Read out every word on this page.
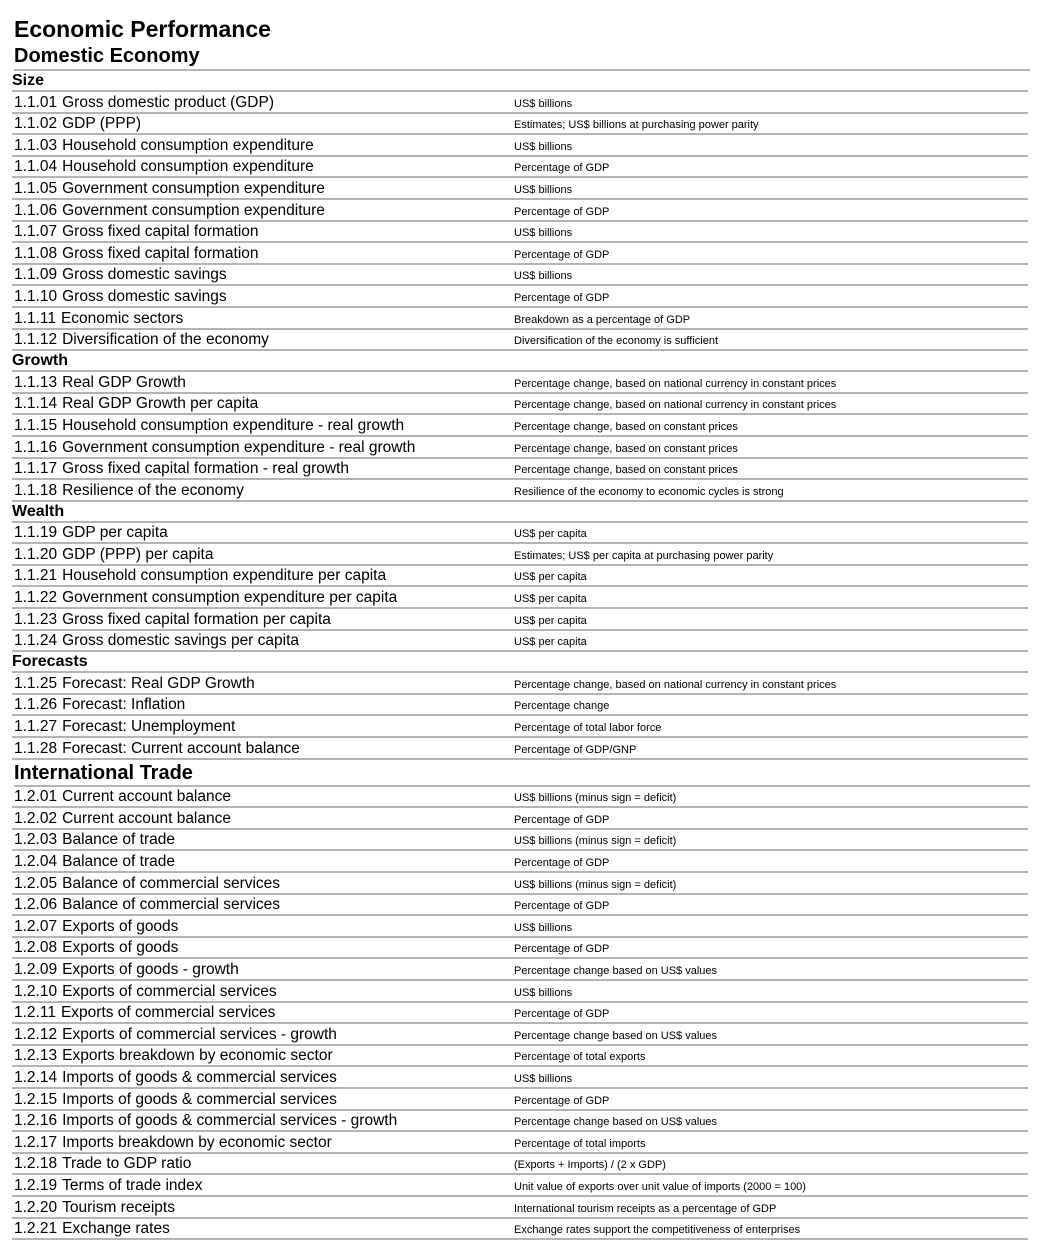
Economic Performance
Domestic Economy
Size
1.1.01 Gross domestic product (GDP)	US$ billions
1.1.02 GDP (PPP)	Estimates; US$ billions at purchasing power parity
1.1.03 Household consumption expenditure	US$ billions
1.1.04 Household consumption expenditure	Percentage of GDP
1.1.05 Government consumption expenditure	US$ billions
1.1.06 Government consumption expenditure	Percentage of GDP
1.1.07 Gross fixed capital formation	US$ billions
1.1.08 Gross fixed capital formation	Percentage of GDP
1.1.09 Gross domestic savings	US$ billions
1.1.10 Gross domestic savings	Percentage of GDP
1.1.11 Economic sectors	Breakdown as a percentage of GDP
1.1.12 Diversification of the economy	Diversification of the economy is sufficient
Growth
1.1.13 Real GDP Growth	Percentage change, based on national currency in constant prices
1.1.14 Real GDP Growth per capita	Percentage change, based on national currency in constant prices
1.1.15 Household consumption expenditure - real growth	Percentage change, based on constant prices
1.1.16 Government consumption expenditure - real growth	Percentage change, based on constant prices
1.1.17 Gross fixed capital formation - real growth	Percentage change, based on constant prices
1.1.18 Resilience of the economy	Resilience of the economy to economic cycles is strong
Wealth
1.1.19 GDP per capita	US$ per capita
1.1.20 GDP (PPP) per capita	Estimates; US$ per capita at purchasing power parity
1.1.21 Household consumption expenditure per capita	US$ per capita
1.1.22 Government consumption expenditure per capita	US$ per capita
1.1.23 Gross fixed capital formation per capita	US$ per capita
1.1.24 Gross domestic savings per capita	US$ per capita
Forecasts
1.1.25 Forecast: Real GDP Growth	Percentage change, based on national currency in constant prices
1.1.26 Forecast: Inflation	Percentage change
1.1.27 Forecast: Unemployment	Percentage of total labor force
1.1.28 Forecast: Current account balance	Percentage of GDP/GNP
International Trade
1.2.01 Current account balance	US$ billions (minus sign = deficit)
1.2.02 Current account balance	Percentage of GDP
1.2.03 Balance of trade	US$ billions (minus sign = deficit)
1.2.04 Balance of trade	Percentage of GDP
1.2.05 Balance of commercial services	US$ billions (minus sign = deficit)
1.2.06 Balance of commercial services	Percentage of GDP
1.2.07 Exports of goods	US$ billions
1.2.08 Exports of goods	Percentage of GDP
1.2.09 Exports of goods - growth	Percentage change based on US$ values
1.2.10 Exports of commercial services	US$ billions
1.2.11 Exports of commercial services	Percentage of GDP
1.2.12 Exports of commercial services - growth	Percentage change based on US$ values
1.2.13 Exports breakdown by economic sector	Percentage of total exports
1.2.14 Imports of goods & commercial services	US$ billions
1.2.15 Imports of goods & commercial services	Percentage of GDP
1.2.16 Imports of goods & commercial services - growth	Percentage change based on US$ values
1.2.17 Imports breakdown by economic sector	Percentage of total imports
1.2.18 Trade to GDP ratio	(Exports + Imports) / (2 x GDP)
1.2.19 Terms of trade index	Unit value of exports over unit value of imports (2000 = 100)
1.2.20 Tourism receipts	International tourism receipts as a percentage of GDP
1.2.21 Exchange rates	Exchange rates support the competitiveness of enterprises
